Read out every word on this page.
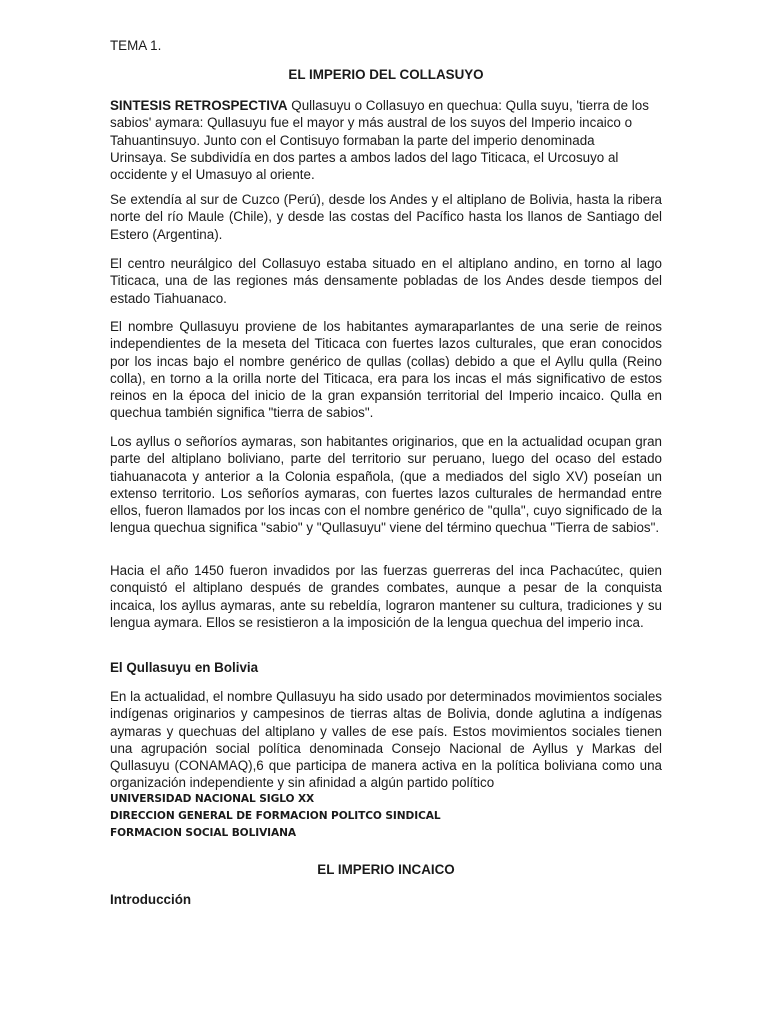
TEMA 1.
EL IMPERIO DEL COLLASUYO
SINTESIS RETROSPECTIVA Qullasuyu o Collasuyo en quechua: Qulla suyu, 'tierra de los sabios' aymara: Qullasuyu fue el mayor y más austral de los suyos del Imperio incaico o Tahuantinsuyo. Junto con el Contisuyo formaban la parte del imperio denominada Urinsaya. Se subdividía en dos partes a ambos lados del lago Titicaca, el Urcosuyo al occidente y el Umasuyo al oriente.
Se extendía al sur de Cuzco (Perú), desde los Andes y el altiplano de Bolivia, hasta la ribera norte del río Maule (Chile), y desde las costas del Pacífico hasta los llanos de Santiago del Estero (Argentina).
El centro neurálgico del Collasuyo estaba situado en el altiplano andino, en torno al lago Titicaca, una de las regiones más densamente pobladas de los Andes desde tiempos del estado Tiahuanaco.
El nombre Qullasuyu proviene de los habitantes aymaraparlantes de una serie de reinos independientes de la meseta del Titicaca con fuertes lazos culturales, que eran conocidos por los incas bajo el nombre genérico de qullas (collas) debido a que el Ayllu qulla (Reino colla), en torno a la orilla norte del Titicaca, era para los incas el más significativo de estos reinos en la época del inicio de la gran expansión territorial del Imperio incaico. Qulla en quechua también significa "tierra de sabios".
Los ayllus o señoríos aymaras, son habitantes originarios, que en la actualidad ocupan gran parte del altiplano boliviano, parte del territorio sur peruano, luego del ocaso del estado tiahuanacota y anterior a la Colonia española, (que a mediados del siglo XV) poseían un extenso territorio. Los señoríos aymaras, con fuertes lazos culturales de hermandad entre ellos, fueron llamados por los incas con el nombre genérico de "qulla", cuyo significado de la lengua quechua significa "sabio" y "Qullasuyu" viene del término quechua "Tierra de sabios".
Hacia el año 1450 fueron invadidos por las fuerzas guerreras del inca Pachacútec, quien conquistó el altiplano después de grandes combates, aunque a pesar de la conquista incaica, los ayllus aymaras, ante su rebeldía, lograron mantener su cultura, tradiciones y su lengua aymara. Ellos se resistieron a la imposición de la lengua quechua del imperio inca.
El Qullasuyu en Bolivia
En la actualidad, el nombre Qullasuyu ha sido usado por determinados movimientos sociales indígenas originarios y campesinos de tierras altas de Bolivia, donde aglutina a indígenas aymaras y quechuas del altiplano y valles de ese país. Estos movimientos sociales tienen una agrupación social política denominada Consejo Nacional de Ayllus y Markas del Qullasuyu (CONAMAQ),6 que participa de manera activa en la política boliviana como una organización independiente y sin afinidad a algún partido político
UNIVERSIDAD NACIONAL SIGLO XX
DIRECCION GENERAL DE FORMACION POLITCO SINDICAL
FORMACION SOCIAL BOLIVIANA
EL IMPERIO INCAICO
Introducción
